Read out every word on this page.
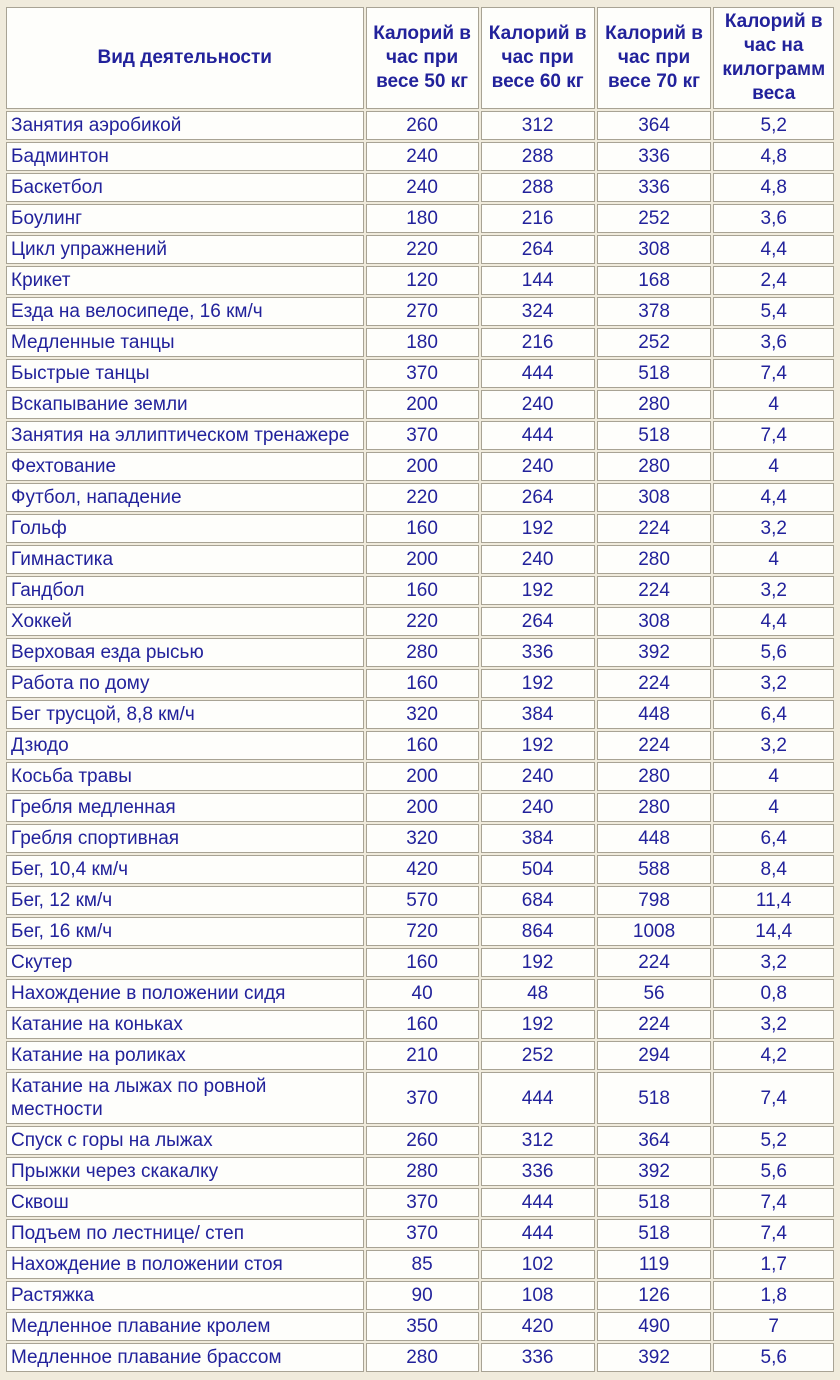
Вид деятельности	Калорий в час при весе 50 кг	Калорий в час при весе 60 кг	Калорий в час при весе 70 кг	Калорий в час на килограмм веса
Занятия аэробикой	260	312	364	5,2
Бадминтон	240	288	336	4,8
Баскетбол	240	288	336	4,8
Боулинг	180	216	252	3,6
Цикл упражнений	220	264	308	4,4
Крикет	120	144	168	2,4
Езда на велосипеде, 16 км/ч	270	324	378	5,4
Медленные танцы	180	216	252	3,6
Быстрые танцы	370	444	518	7,4
Вскапывание земли	200	240	280	4
Занятия на эллиптическом тренажере	370	444	518	7,4
Фехтование	200	240	280	4
Футбол, нападение	220	264	308	4,4
Гольф	160	192	224	3,2
Гимнастика	200	240	280	4
Гандбол	160	192	224	3,2
Хоккей	220	264	308	4,4
Верховая езда рысью	280	336	392	5,6
Работа по дому	160	192	224	3,2
Бег трусцой, 8,8 км/ч	320	384	448	6,4
Дзюдо	160	192	224	3,2
Косьба травы	200	240	280	4
Гребля медленная	200	240	280	4
Гребля спортивная	320	384	448	6,4
Бег, 10,4 км/ч	420	504	588	8,4
Бег, 12 км/ч	570	684	798	11,4
Бег, 16 км/ч	720	864	1008	14,4
Скутер	160	192	224	3,2
Нахождение в положении сидя	40	48	56	0,8
Катание на коньках	160	192	224	3,2
Катание на роликах	210	252	294	4,2
Катание на лыжах по ровной местности	370	444	518	7,4
Спуск с горы на лыжах	260	312	364	5,2
Прыжки через скакалку	280	336	392	5,6
Сквош	370	444	518	7,4
Подъем по лестнице/ степ	370	444	518	7,4
Нахождение в положении стоя	85	102	119	1,7
Растяжка	90	108	126	1,8
Медленное плавание кролем	350	420	490	7
Медленное плавание брассом	280	336	392	5,6
